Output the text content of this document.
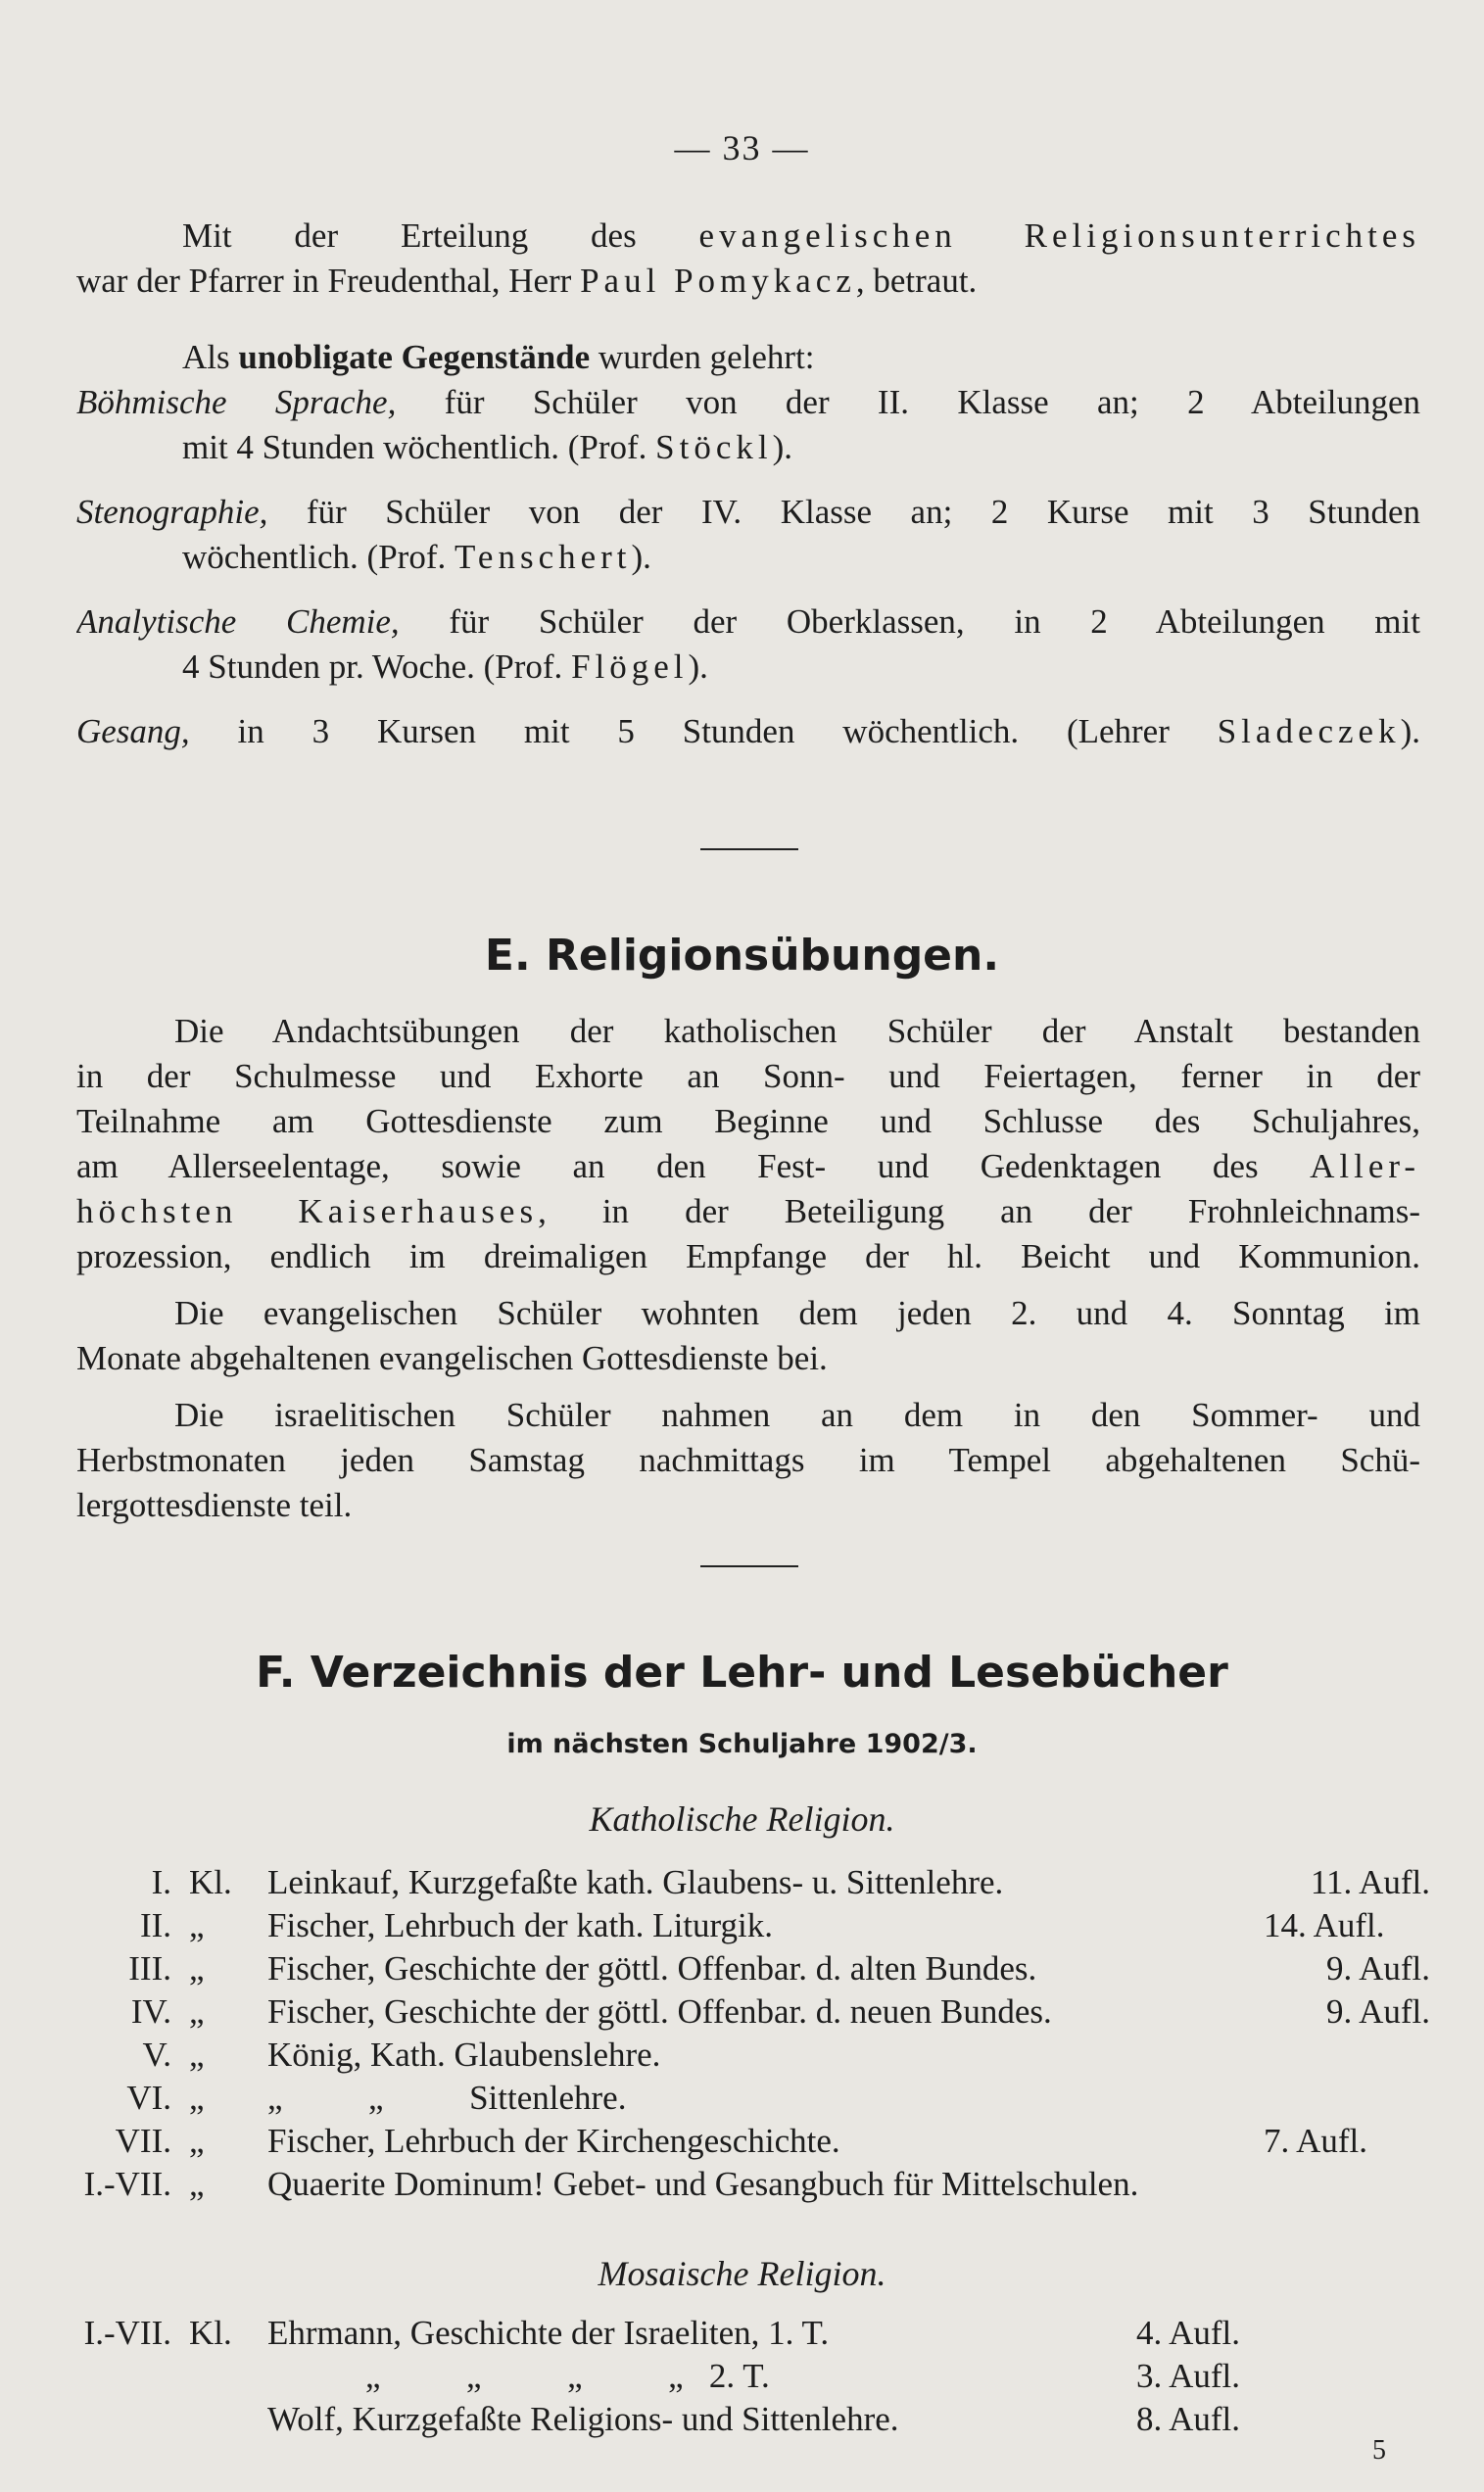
— 33 —
Mit der Erteilung des evangelischen Religionsunterrichtes
war der Pfarrer in Freudenthal, Herr Paul Pomykacz, betraut.
Als unobligate Gegenstände wurden gelehrt:
Böhmische Sprache, für Schüler von der II. Klasse an; 2 Abteilungen
mit 4 Stunden wöchentlich. (Prof. Stöckl).
Stenographie, für Schüler von der IV. Klasse an; 2 Kurse mit 3 Stunden
wöchentlich. (Prof. Tenschert).
Analytische Chemie, für Schüler der Oberklassen, in 2 Abteilungen mit
4 Stunden pr. Woche. (Prof. Flögel).
Gesang, in 3 Kursen mit 5 Stunden wöchentlich. (Lehrer Sladeczek).
E. Religionsübungen.
Die Andachtsübungen der katholischen Schüler der Anstalt bestanden
in der Schulmesse und Exhorte an Sonn- und Feiertagen, ferner in der
Teilnahme am Gottesdienste zum Beginne und Schlusse des Schuljahres,
am Allerseelentage, sowie an den Fest- und Gedenktagen des Aller-
höchsten Kaiserhauses, in der Beteiligung an der Frohnleichnams-
prozession, endlich im dreimaligen Empfange der hl. Beicht und Kommunion.
Die evangelischen Schüler wohnten dem jeden 2. und 4. Sonntag im
Monate abgehaltenen evangelischen Gottesdienste bei.
Die israelitischen Schüler nahmen an dem in den Sommer- und
Herbstmonaten jeden Samstag nachmittags im Tempel abgehaltenen Schü-
lergottesdienste teil.
F. Verzeichnis der Lehr- und Lesebücher
im nächsten Schuljahre 1902/3.
Katholische Religion.
I.	Kl.	Leinkauf, Kurzgefaßte kath. Glaubens- u. Sittenlehre.	11. Aufl.
II.	„	Fischer, Lehrbuch der kath. Liturgik.	14. Aufl.
III.	„	Fischer, Geschichte der göttl. Offenbar. d. alten Bundes.	9. Aufl.
IV.	„	Fischer, Geschichte der göttl. Offenbar. d. neuen Bundes.	9. Aufl.
V.	„	König, Kath. Glaubenslehre.	
VI.	„	„          „          Sittenlehre.	
VII.	„	Fischer, Lehrbuch der Kirchengeschichte.	7. Aufl.
I.-VII.	„	Quaerite Dominum! Gebet- und Gesangbuch für Mittelschulen.	
Mosaische Religion.
I.-VII.	Kl.	Ehrmann, Geschichte der Israeliten, 1. T.	4. Aufl.
		„          „          „          „   2. T.	3. Aufl.
		Wolf, Kurzgefaßte Religions- und Sittenlehre.	8. Aufl.
5
